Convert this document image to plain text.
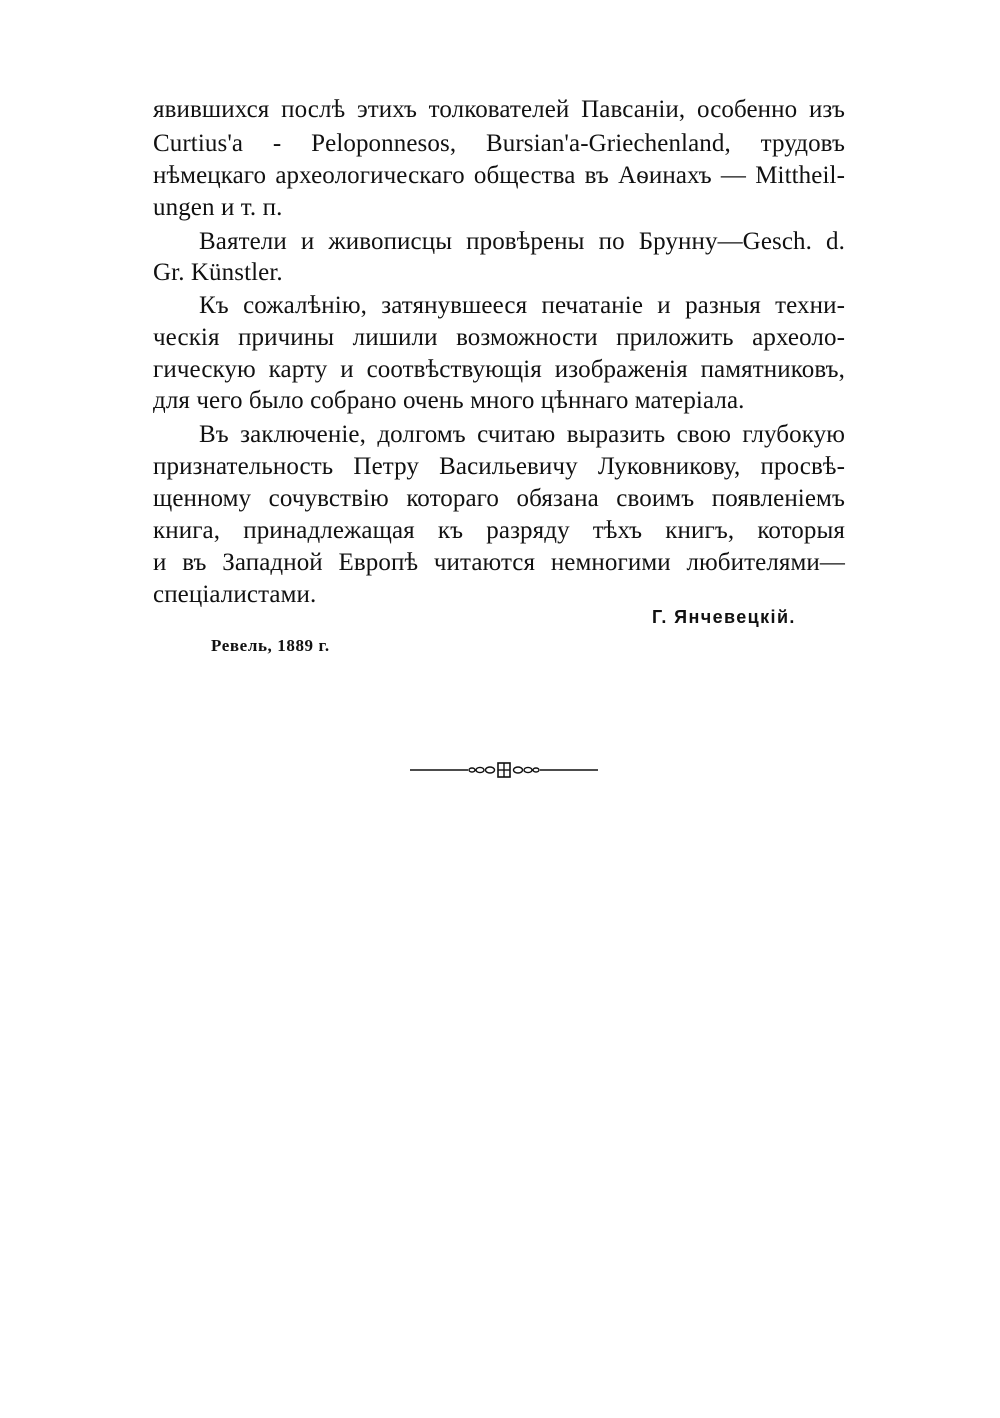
явившихся послѣ этихъ толкователей Павсанiи, особенно изъ
Curtius'a - Peloponnesos, Bursian'a-Griechenland, трудовъ
нѣмецкаго археологическаго общества въ Аѳинахъ — Mittheil-
ungen и т. п.
Ваятели и живописцы провѣрены по Брунну—Gesch. d.
Gr. Künstler.
Къ сожалѣнію, затянувшееся печатаніе и разныя техни-
ческія причины лишили возможности приложить археоло-
гическую карту и соотвѣствующія изображенія памятниковъ,
для чего было собрано очень много цѣннаго матеріала.
Въ заключеніе, долгомъ считаю выразить свою глубокую
признательность Петру Васильевичу Луковникову, просвѣ-
щенному сочувствію котораго обязана своимъ появленіемъ
книга, принадлежащая къ разряду тѣхъ книгъ, которыя
и въ Западной Европѣ читаются немногими любителями—
спеціалистами.
Г. Янчевецкій.
Ревель, 1889 г.
